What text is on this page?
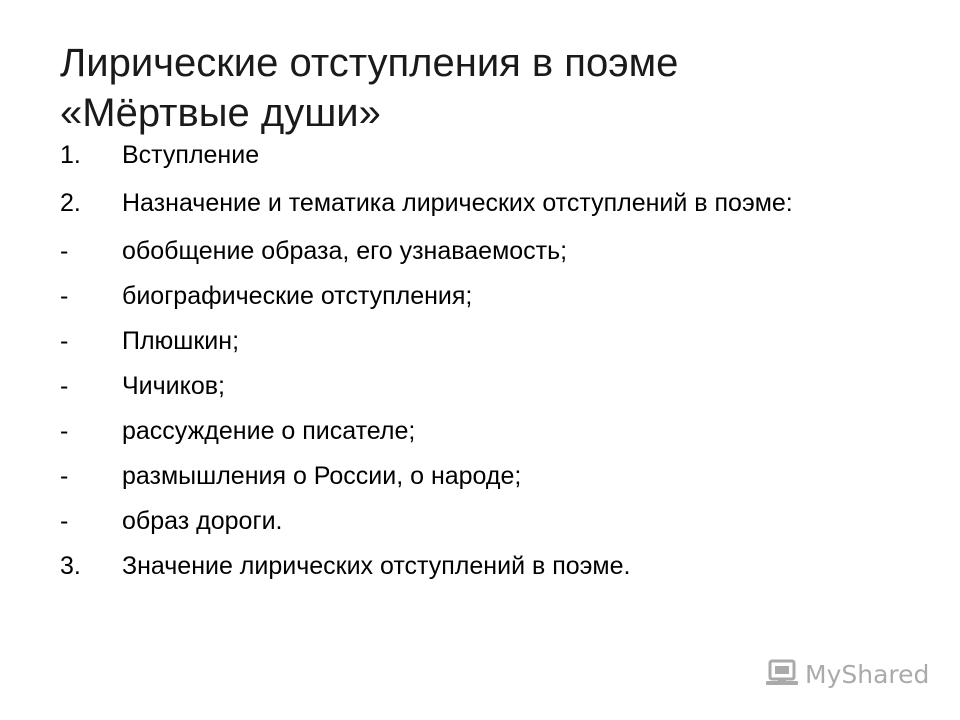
Лирические отступления в поэме
«Мёртвые души»
1. Вступление
2. Назначение и тематика лирических отступлений в поэме:
- обобщение образа, его узнаваемость;
- биографические отступления;
- Плюшкин;
- Чичиков;
- рассуждение о писателе;
- размышления о России, о народе;
- образ дороги.
3. Значение лирических отступлений в поэме.
MyShared
